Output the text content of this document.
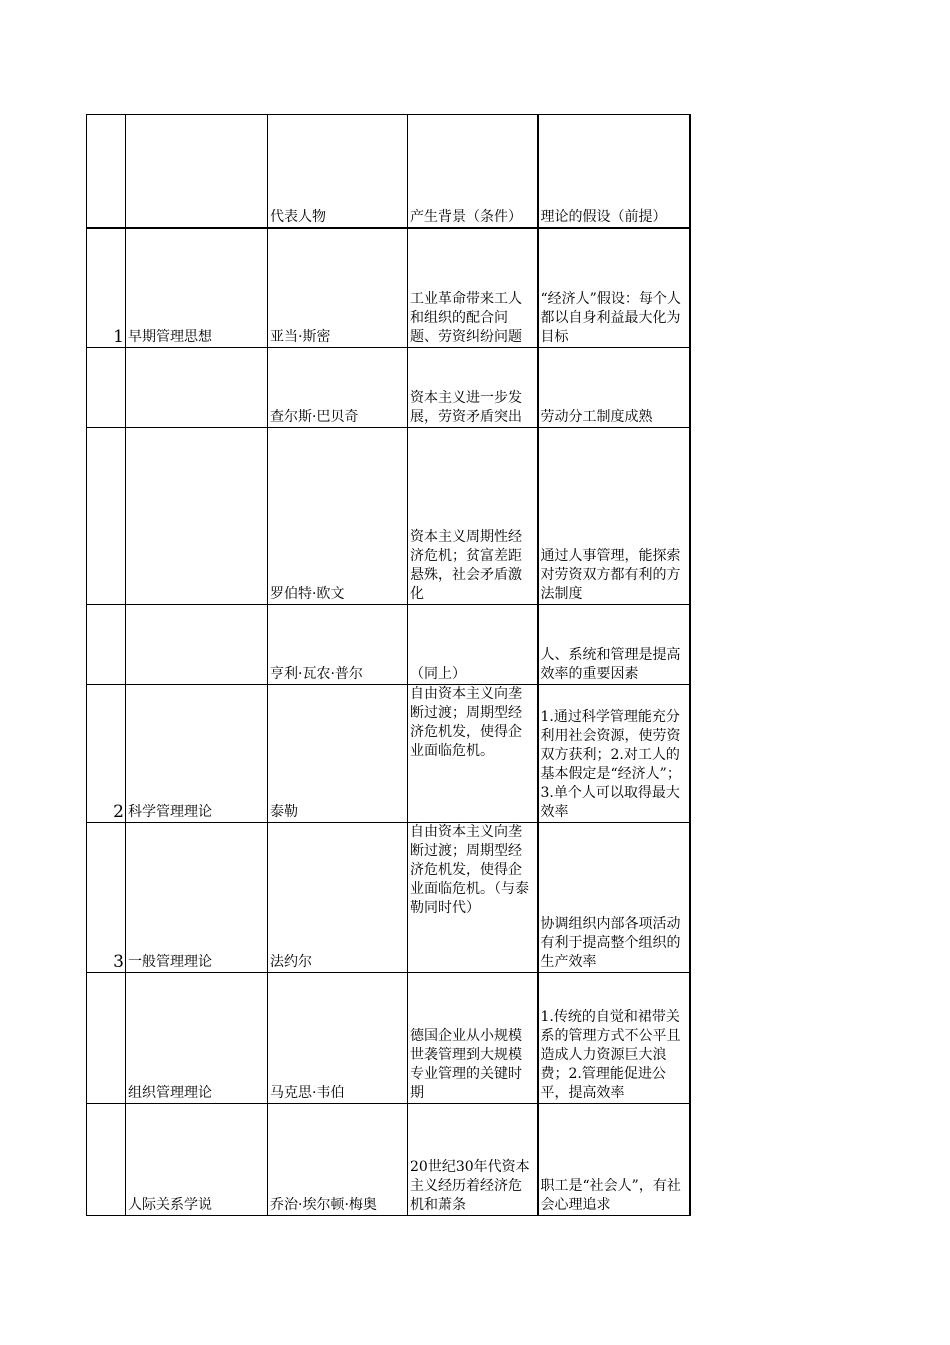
		代表人物	产生背景（条件）	理论的假设（前提）
1	早期管理思想	亚当·斯密	工业革命带来工人和组织的配合问题、劳资纠纷问题	“经济人”假设：每个人都以自身利益最大化为目标
		查尔斯·巴贝奇	资本主义进一步发展，劳资矛盾突出	劳动分工制度成熟
		罗伯特·欧文	资本主义周期性经济危机；贫富差距悬殊，社会矛盾激化	通过人事管理，能探索对劳资双方都有利的方法制度
		亨利·瓦农·普尔	（同上）	人、系统和管理是提高效率的重要因素
2	科学管理理论	泰勒	自由资本主义向垄断过渡；周期型经济危机发，使得企业面临危机。	1.通过科学管理能充分利用社会资源，使劳资双方获利；2.对工人的基本假定是“经济人”；3.单个人可以取得最大效率
3	一般管理理论	法约尔	自由资本主义向垄断过渡；周期型经济危机发，使得企业面临危机。（与泰勒同时代）	协调组织内部各项活动有利于提高整个组织的生产效率
	组织管理理论	马克思·韦伯	德国企业从小规模世袭管理到大规模专业管理的关键时期	1.传统的自觉和裙带关系的管理方式不公平且造成人力资源巨大浪费；2.管理能促进公平，提高效率
	人际关系学说	乔治·埃尔顿·梅奥	20世纪30年代资本主义经历着经济危机和萧条	职工是“社会人”，有社会心理追求
